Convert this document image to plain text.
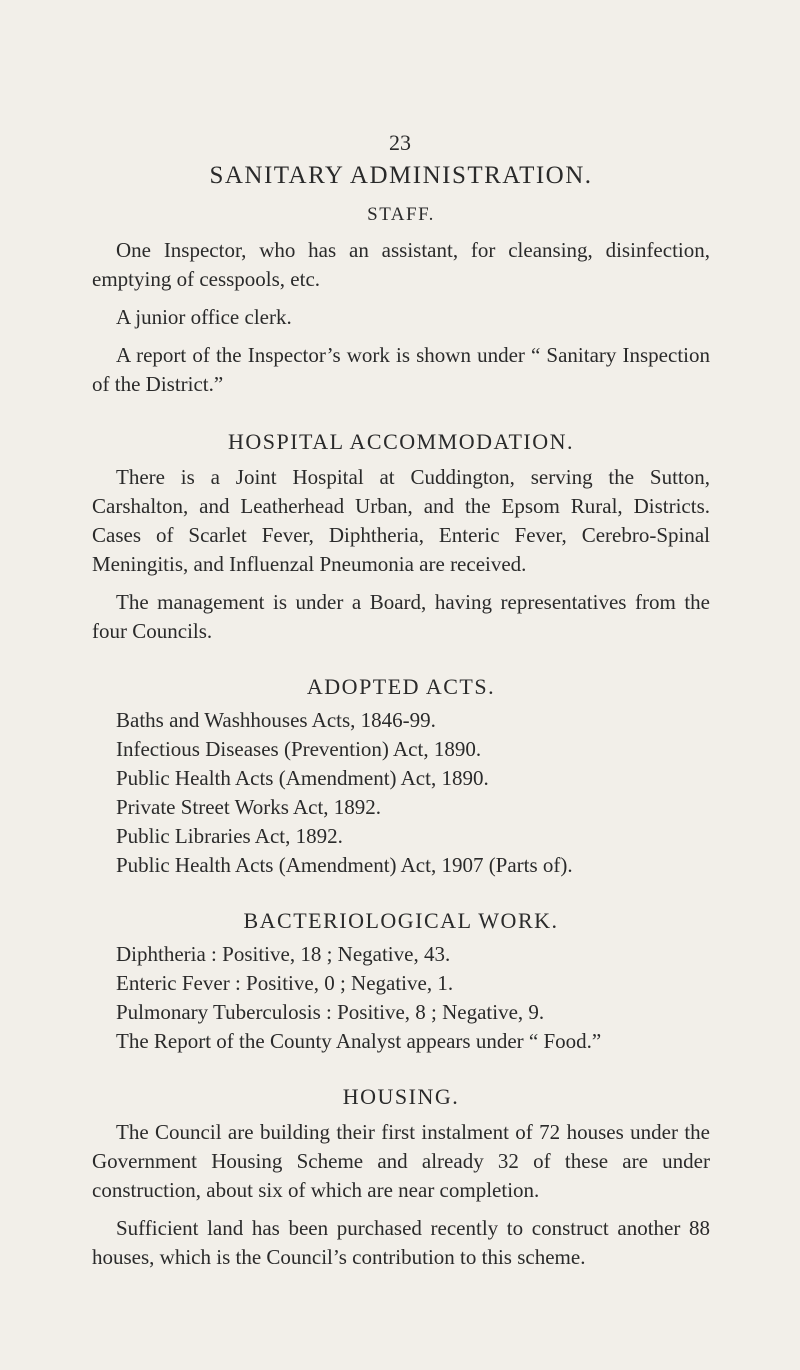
23

SANITARY ADMINISTRATION.
STAFF.

One Inspector, who has an assistant, for cleansing, disinfection, emptying of cesspools, etc.

A junior office clerk.

A report of the Inspector’s work is shown under “ Sanitary Inspection of the District.”

HOSPITAL ACCOMMODATION.

There is a Joint Hospital at Cuddington, serving the Sutton, Carshalton, and Leatherhead Urban, and the Epsom Rural, Districts. Cases of Scarlet Fever, Diphtheria, Enteric Fever, Cerebro-Spinal Meningitis, and Influenzal Pneumonia are received.

The management is under a Board, having representatives from the four Councils.

ADOPTED ACTS.

Baths and Washhouses Acts, 1846-99.

Infectious Diseases (Prevention) Act, 1890.

Public Health Acts (Amendment) Act, 1890.

Private Street Works Act, 1892.

Public Libraries Act, 1892.

Public Health Acts (Amendment) Act, 1907 (Parts of).

BACTERIOLOGICAL WORK.

Diphtheria : Positive, 18 ; Negative, 43.

Enteric Fever : Positive, 0 ; Negative, 1.

Pulmonary Tuberculosis : Positive, 8 ; Negative, 9.

The Report of the County Analyst appears under “ Food.”

HOUSING.

The Council are building their first instalment of 72 houses under the Government Housing Scheme and already 32 of these are under construction, about six of which are near completion.

Sufficient land has been purchased recently to construct another 88 houses, which is the Council’s contribution to this scheme.
